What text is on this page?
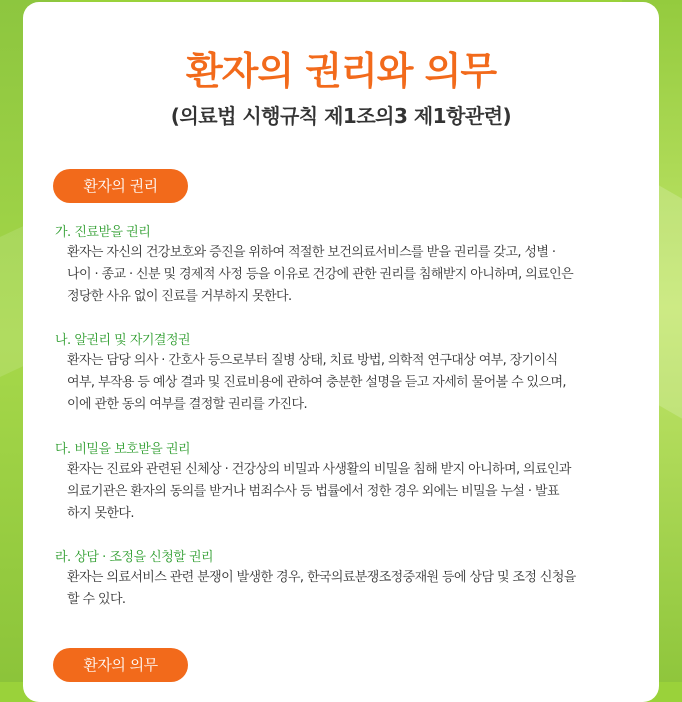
환자의 권리와 의무
(의료법 시행규칙 제1조의3 제1항관련)
환자의 권리
가. 진료받을 권리
환자는 자신의 건강보호와 증진을 위하여 적절한 보건의료서비스를 받을 권리를 갖고, 성별 ·
나이 · 종교 · 신분 및 경제적 사정 등을 이유로 건강에 관한 권리를 침해받지 아니하며, 의료인은
정당한 사유 없이 진료를 거부하지 못한다.
나. 알권리 및 자기결정권
환자는 담당 의사 · 간호사 등으로부터 질병 상태, 치료 방법, 의학적 연구대상 여부, 장기이식
여부, 부작용 등 예상 결과 및 진료비용에 관하여 충분한 설명을 듣고 자세히 물어볼 수 있으며,
이에 관한 동의 여부를 결정할 권리를 가진다.
다. 비밀을 보호받을 권리
환자는 진료와 관련된 신체상 · 건강상의 비밀과 사생활의 비밀을 침해 받지 아니하며, 의료인과
의료기관은 환자의 동의를 받거나 범죄수사 등 법률에서 정한 경우 외에는 비밀을 누설 · 발표
하지 못한다.
라. 상담 · 조정을 신청할 권리
환자는 의료서비스 관련 분쟁이 발생한 경우, 한국의료분쟁조정중재원 등에 상담 및 조정 신청을
할 수 있다.
환자의 의무
